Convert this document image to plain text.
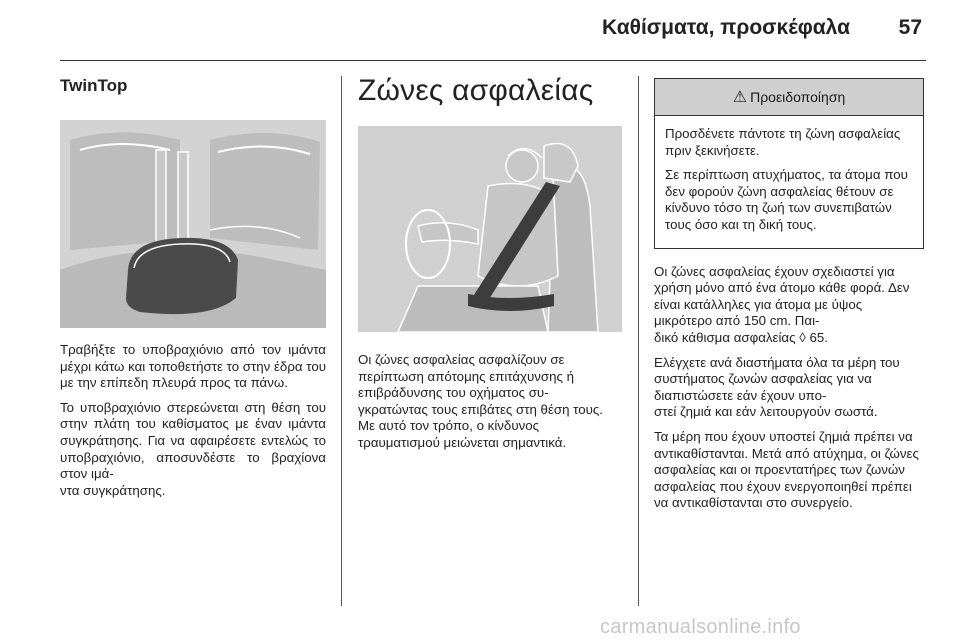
Καθίσματα, προσκέφαλα 57
TwinTop

Τραβήξτε το υποβραχιόνιο από τον ιμάντα μέχρι κάτω και τοποθετήστε το στην έδρα του με την επίπεδη πλευρά προς τα πάνω.

Το υποβραχιόνιο στερεώνεται στη θέση του στην πλάτη του καθίσματος με έναν ιμάντα συγκράτησης. Για να αφαιρέσετε εντελώς το υποβραχιόνιο, αποσυνδέστε το βραχίονα στον ιμά-
ντα συγκράτησης.

Ζώνες ασφαλείας

Οι ζώνες ασφαλείας ασφαλίζουν σε περίπτωση απότομης επιτάχυνσης ή επιβράδυνσης του οχήματος συ-
γκρατώντας τους επιβάτες στη θέση τους. Με αυτό τον τρόπο, ο κίνδυνος τραυματισμού μειώνεται σημαντικά.

⚠ Προειδοποίηση

Προσδένετε πάντοτε τη ζώνη ασφαλείας πριν ξεκινήσετε.

Σε περίπτωση ατυχήματος, τα άτομα που δεν φορούν ζώνη ασφαλείας θέτουν σε κίνδυνο τόσο τη ζωή των συνεπιβατών τους όσο και τη δική τους.

Οι ζώνες ασφαλείας έχουν σχεδιαστεί για χρήση μόνο από ένα άτομο κάθε φορά. Δεν είναι κατάλληλες για άτομα με ύψος μικρότερο από 150 cm. Παι-
δικό κάθισμα ασφαλείας ◊ 65.

Ελέγχετε ανά διαστήματα όλα τα μέρη του συστήματος ζωνών ασφαλείας για να διαπιστώσετε εάν έχουν υπο-
στεί ζημιά και εάν λειτουργούν σωστά.

Τα μέρη που έχουν υποστεί ζημιά πρέπει να αντικαθίστανται. Μετά από ατύχημα, οι ζώνες ασφαλείας και οι προεντατήρες των ζωνών ασφαλείας που έχουν ενεργοποιηθεί πρέπει να αντικαθίστανται στο συνεργείο.

carmanualsonline.info
